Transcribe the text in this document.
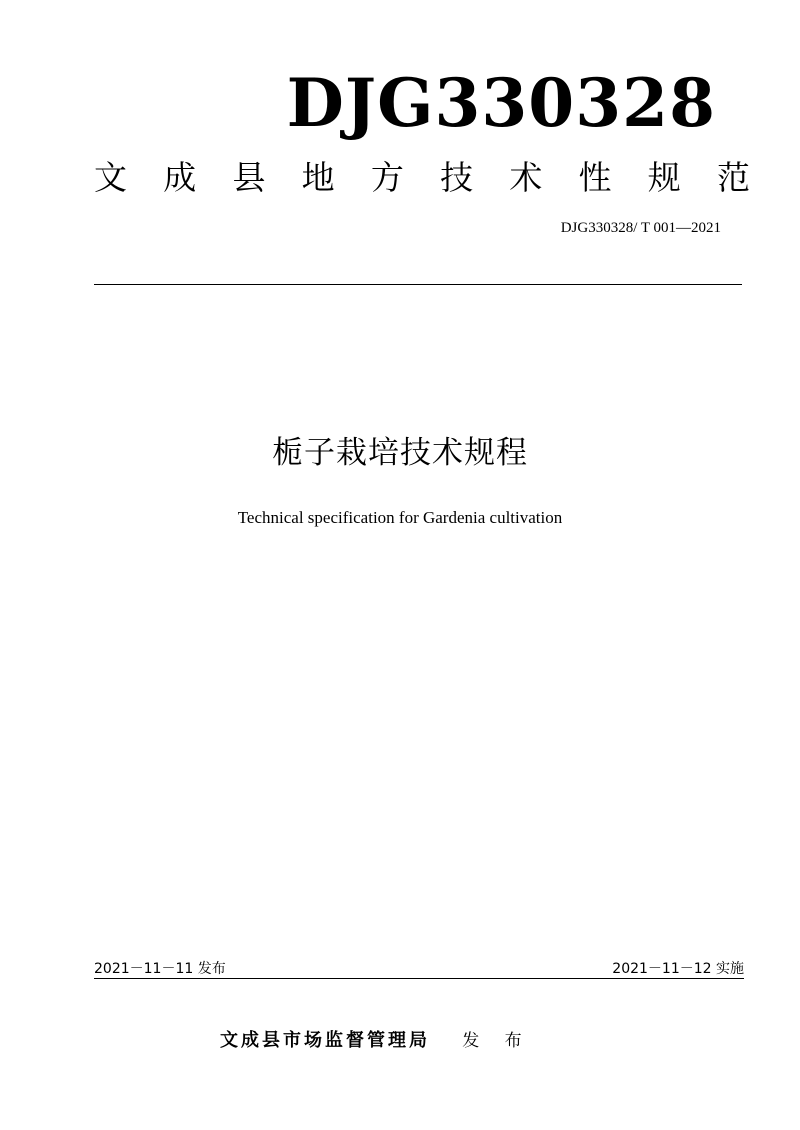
DJG330328
文 成 县 地 方 技 术 性 规 范
DJG330328/ T 001—2021
栀子栽培技术规程
Technical specification for Gardenia cultivation
2021－11－11 发布	2021－11－12 实施
文成县市场监督管理局 发 布
